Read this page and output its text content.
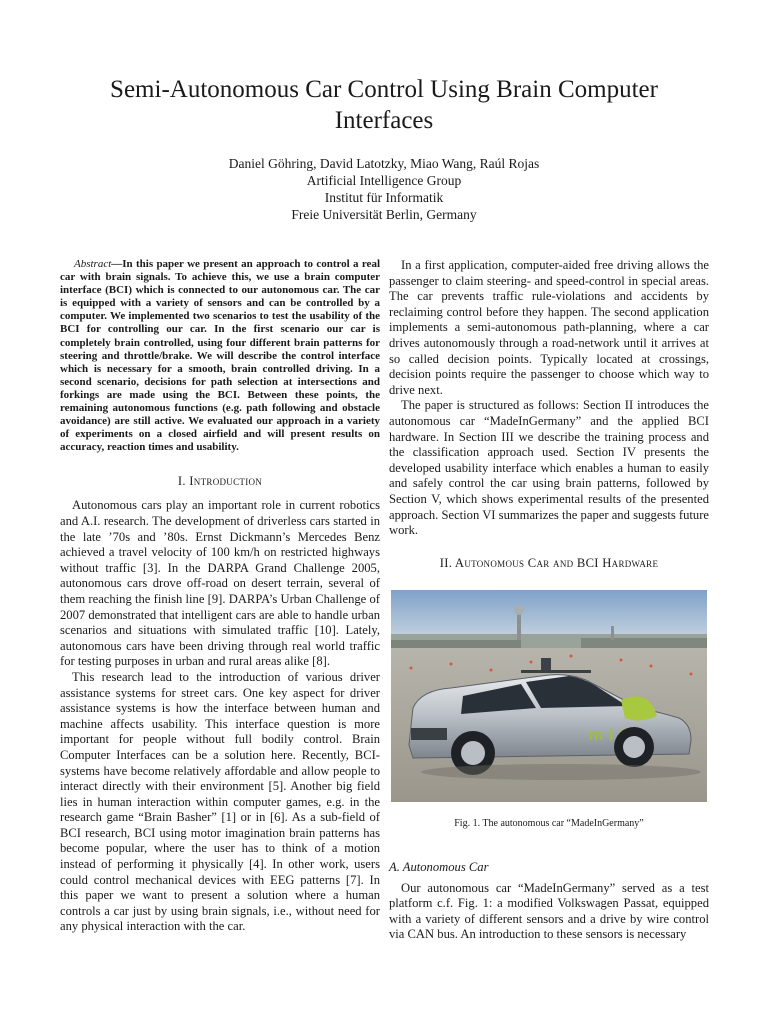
Semi-Autonomous Car Control Using Brain Computer Interfaces
Daniel Göhring, David Latotzky, Miao Wang, Raúl Rojas
Artificial Intelligence Group
Institut für Informatik
Freie Universität Berlin, Germany

Abstract—In this paper we present an approach to control a real car with brain signals. To achieve this, we use a brain computer interface (BCI) which is connected to our autonomous car. The car is equipped with a variety of sensors and can be controlled by a computer. We implemented two scenarios to test the usability of the BCI for controlling our car. In the first scenario our car is completely brain controlled, using four different brain patterns for steering and throttle/brake. We will describe the control interface which is necessary for a smooth, brain controlled driving. In a second scenario, decisions for path selection at intersections and forkings are made using the BCI. Between these points, the remaining autonomous functions (e.g. path following and obstacle avoidance) are still active. We evaluated our approach in a variety of experiments on a closed airfield and will present results on accuracy, reaction times and usability.

I. Introduction

Autonomous cars play an important role in current robotics and A.I. research. The development of driverless cars started in the late ’70s and ’80s. Ernst Dickmann’s Mercedes Benz achieved a travel velocity of 100 km/h on restricted highways without traffic [3]. In the DARPA Grand Challenge 2005, autonomous cars drove off-road on desert terrain, several of them reaching the finish line [9]. DARPA’s Urban Challenge of 2007 demonstrated that intelligent cars are able to handle urban scenarios and situations with simulated traffic [10]. Lately, autonomous cars have been driving through real world traffic for testing purposes in urban and rural areas alike [8].

This research lead to the introduction of various driver assistance systems for street cars. One key aspect for driver assistance systems is how the interface between human and machine affects usability. This interface question is more important for people without full bodily control. Brain Computer Interfaces can be a solution here. Recently, BCI-systems have become relatively affordable and allow people to interact directly with their environment [5]. Another big field lies in human interaction within computer games, e.g. in the research game “Brain Basher” [1] or in [6]. As a sub-field of BCI research, BCI using motor imagination brain patterns has become popular, where the user has to think of a motion instead of performing it physically [4]. In other work, users could control mechanical devices with EEG patterns [7]. In this paper we want to present a solution where a human controls a car just by using brain signals, i.e., without need for any physical interaction with the car.

In a first application, computer-aided free driving allows the passenger to claim steering- and speed-control in special areas. The car prevents traffic rule-violations and accidents by reclaiming control before they happen. The second application implements a semi-autonomous path-planning, where a car drives autonomously through a road-network until it arrives at so called decision points. Typically located at crossings, decision points require the passenger to choose which way to drive next.

The paper is structured as follows: Section II introduces the autonomous car “MadeInGermany” and the applied BCI hardware. In Section III we describe the training process and the classification approach used. Section IV presents the developed usability interface which enables a human to easily and safely control the car using brain patterns, followed by Section V, which shows experimental results of the presented approach. Section VI summarizes the paper and suggests future work.

II. Autonomous Car and BCI Hardware
m i

Fig. 1. The autonomous car “MadeInGermany”

A. Autonomous Car

Our autonomous car “MadeInGermany” served as a test platform c.f. Fig. 1: a modified Volkswagen Passat, equipped with a variety of different sensors and a drive by wire control via CAN bus. An introduction to these sensors is necessary
